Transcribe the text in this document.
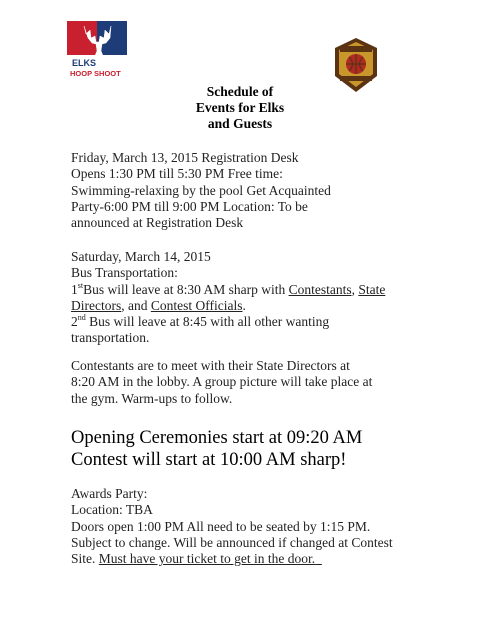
ELKS
HOOP SHOOT
Schedule of
Events for Elks
and Guests
Friday, March 13, 2015 Registration Desk
Opens 1:30 PM till 5:30 PM Free time:
Swimming-relaxing by the pool Get Acquainted
Party-6:00 PM till 9:00 PM Location: To be
announced at Registration Desk
Saturday, March 14, 2015
Bus Transportation:
1stBus will leave at 8:30 AM sharp with Contestants, State
Directors, and Contest Officials.
2nd Bus will leave at 8:45 with all other wanting
transportation.
Contestants are to meet with their State Directors at
8:20 AM in the lobby. A group picture will take place at
the gym. Warm-ups to follow.
Opening Ceremonies start at 09:20 AM
Contest will start at 10:00 AM sharp!
Awards Party:
Location: TBA
Doors open 1:00 PM All need to be seated by 1:15 PM.
Subject to change. Will be announced if changed at Contest
Site. Must have your ticket to get in the door.
